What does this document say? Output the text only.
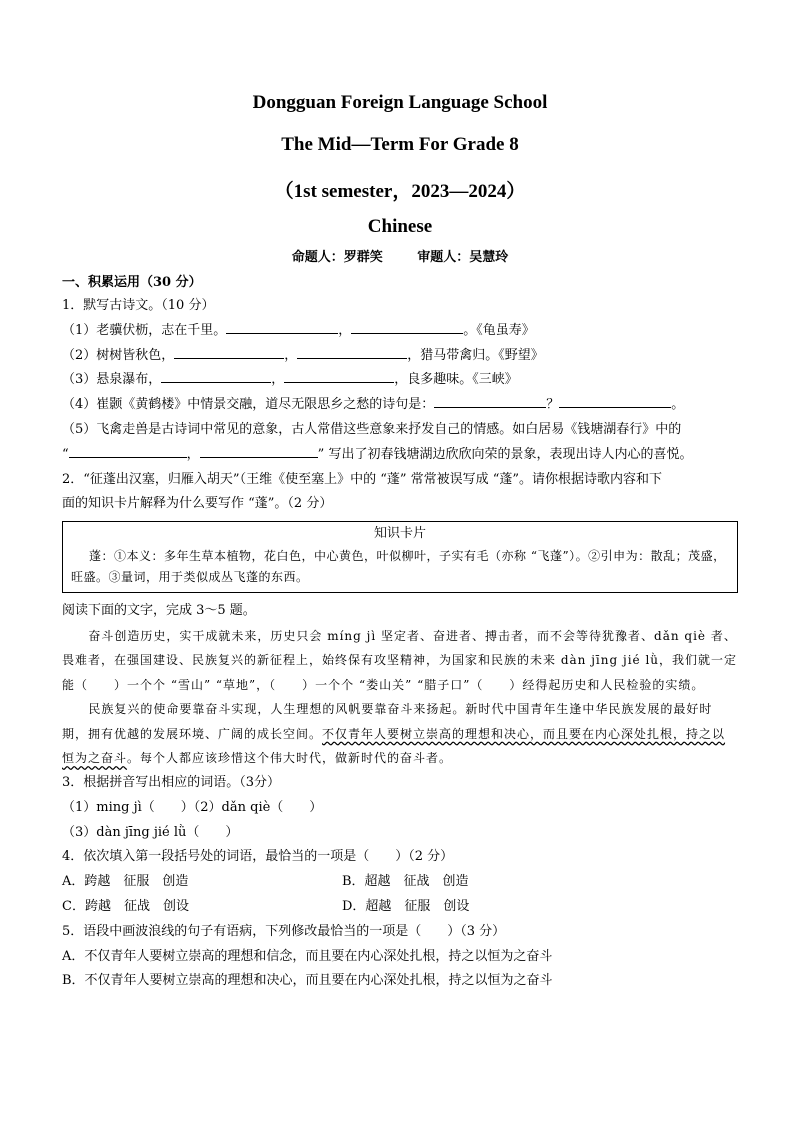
Dongguan Foreign Language School
The Mid—Term For Grade 8
（1st semester，2023—2024）
Chinese
命题人：罗群笑	审题人：吴慧玲
一、积累运用（30 分）
1．默写古诗文。（10 分）
（1）老骥伏枥，志在千里。	，	。《龟虽寿》
（2）树树皆秋色，	，	，猎马带禽归。《野望》
（3）悬泉瀑布，	，	，良多趣味。《三峡》
（4）崔颢《黄鹤楼》中情景交融，道尽无限思乡之愁的诗句是：	？	。
（5）飞禽走兽是古诗词中常见的意象，古人常借这些意象来抒发自己的情感。如白居易《钱塘湖春行》中的
“	，	” 写出了初春钱塘湖边欣欣向荣的景象，表现出诗人内心的喜悦。
2．“征蓬出汉塞，归雁入胡天”（王维《使至塞上》中的 “蓬” 常常被误写成 “蓬”。请你根据诗歌内容和下
面的知识卡片解释为什么要写作 “蓬”。（2 分）
知识卡片
蓬：①本义：多年生草本植物，花白色，中心黄色，叶似柳叶，子实有毛（亦称 “飞蓬”）。②引申为：散乱；茂盛，旺盛。③量词，用于类似成丛飞蓬的东西。
阅读下面的文字，完成 3～5 题。
奋斗创造历史，实干成就未来，历史只会 míng jì 坚定者、奋进者、搏击者，而不会等待犹豫者、dǎn qiè 者、畏难者，在强国建设、民族复兴的新征程上，始终保有攻坚精神，为国家和民族的未来 dàn jīng jié lǜ，我们就一定能（　　）一个个 “雪山” “草地”，（　　）一个个 “娄山关” “腊子口”（　　）经得起历史和人民检验的实绩。
民族复兴的使命要靠奋斗实现，人生理想的风帆要靠奋斗来扬起。新时代中国青年生逢中华民族发展的最好时期，拥有优越的发展环境、广阔的成长空间。不仅青年人要树立崇高的理想和决心，而且要在内心深处扎根，持之以恒为之奋斗。每个人都应该珍惜这个伟大时代，做新时代的奋斗者。
3．根据拼音写出相应的词语。（3分）
（1）ming jì（　　）（2）dǎn qiè（　　）
（3）dàn jīng jié lǜ（　　）
4．依次填入第一段括号处的词语，最恰当的一项是（　　）（2 分）
A．跨越　征服　创造	B．超越　征战　创造
C．跨越　征战　创设	D．超越　征服　创设
5．语段中画波浪线的句子有语病，下列修改最恰当的一项是（　　）（3 分）
A．不仅青年人要树立崇高的理想和信念，而且要在内心深处扎根，持之以恒为之奋斗
B．不仅青年人要树立崇高的理想和决心，而且要在内心深处扎根，持之以恒为之奋斗
